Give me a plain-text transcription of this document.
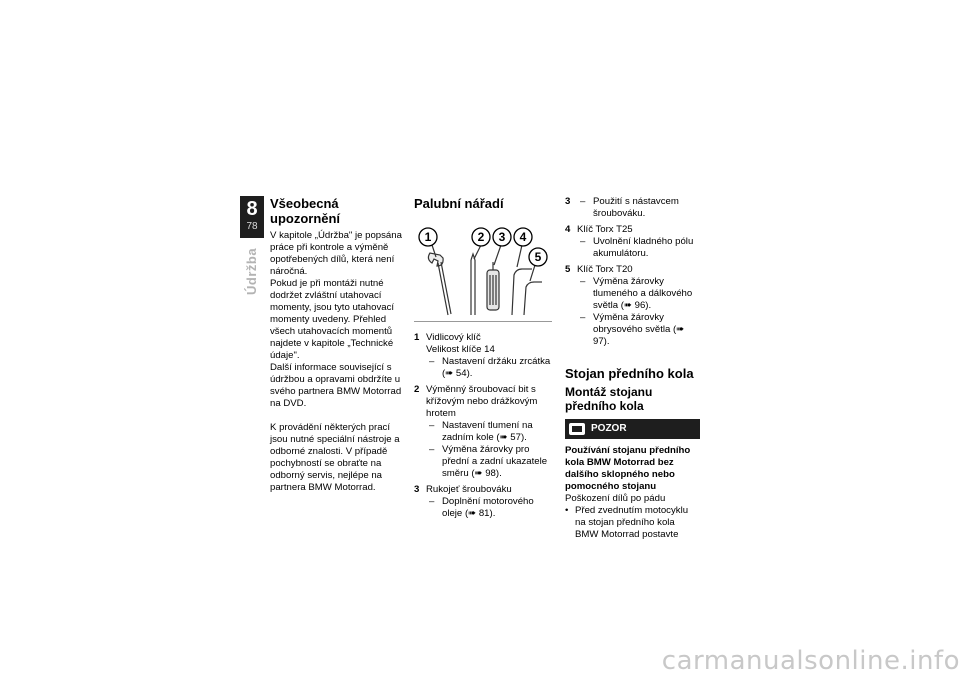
8
78
Údržba
Všeobecná upozornění

V kapitole „Údržba" je popsána práce při kontrole a výměně opotřebených dílů, která není náročná.

Pokud je při montáži nutné dodržet zvláštní utahovací momenty, jsou tyto utahovací momenty uvedeny. Přehled všech utahovacích momentů najdete v kapitole „Technické údaje".

Další informace související s údržbou a opravami obdržíte u svého partnera BMW Motorrad na DVD.

K provádění některých prací jsou nutné speciální nástroje a odborné znalosti. V případě pochybností se obraťte na odborný servis, nejlépe na partnera BMW Motorrad.

Palubní nářadí
1	2 3 4
5
1 Vidlicový klíč
Velikost klíče 14
– Nastavení držáku zrcátka
(➠ 54).
2 Výměnný šroubovací bit s křížovým nebo drážkovým hrotem
– Nastavení tlumení na zadním kole (➠ 57).
– Výměna žárovky pro přední a zadní ukazatele směru (➠ 98).
3 Rukojeť šroubováku
– Doplnění motorového oleje (➠ 81).
3 – Použití s nástavcem šroubováku.
4 Klíč Torx T25
– Uvolnění kladného pólu akumulátoru.
5 Klíč Torx T20
– Výměna žárovky tlumeného a dálkového světla (➠ 96).
– Výměna žárovky obrysového světla (➠ 97).
Stojan předního kola
Montáž stojanu předního kola
POZOR

Používání stojanu předního kola BMW Motorrad bez dalšího sklopného nebo pomocného stojanu

Poškození dílů po pádu

• Před zvednutím motocyklu na stojan předního kola BMW Motorrad postavte
carmanualsonline.info
